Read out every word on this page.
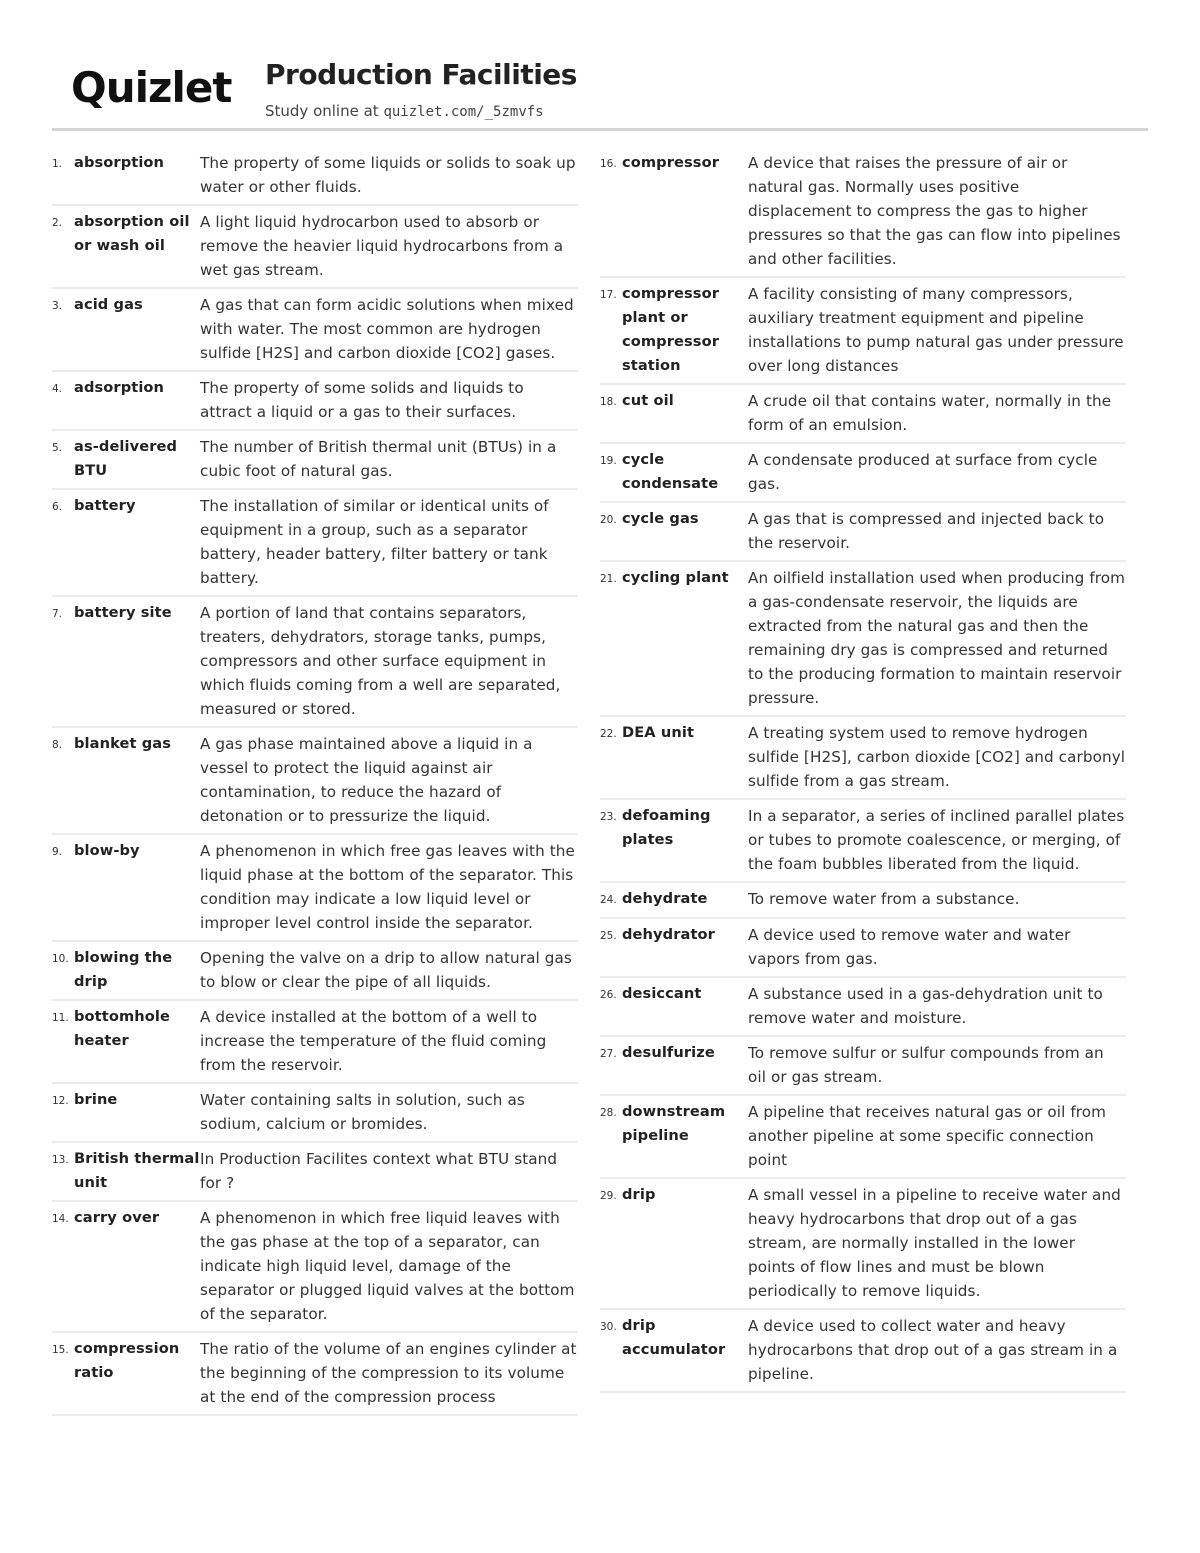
Quizlet Production Facilities
Study online at quizlet.com/_5zmvfs
1. absorption	The property of some liquids or solids to soak up water or other fluids.
2. absorption oil or wash oil
A light liquid hydrocarbon used to absorb or remove the heavier liquid hydrocarbons from a wet gas stream.
3. acid gas	A gas that can form acidic solutions when mixed with water. The most common are hydrogen sulfide [H2S] and carbon dioxide [CO2] gases.
4. adsorption	The property of some solids and liquids to attract a liquid or a gas to their surfaces.
5. as-delivered BTU
The number of British thermal unit (BTUs) in a cubic foot of natural gas.
6. battery	The installation of similar or identical units of equipment in a group, such as a separator battery, header battery, filter battery or tank battery.
7. battery site	A portion of land that contains separators, treaters, dehydrators, storage tanks, pumps, compressors and other surface equipment in which fluids coming from a well are separated, measured or stored.
8. blanket gas	A gas phase maintained above a liquid in a vessel to protect the liquid against air contamination, to reduce the hazard of detonation or to pressurize the liquid.
9. blow-by	A phenomenon in which free gas leaves with the liquid phase at the bottom of the separator. This condition may indicate a low liquid level or improper level control inside the separator.
10. blowing the drip
Opening the valve on a drip to allow natural gas to blow or clear the pipe of all liquids.
11. bottomhole heater
A device installed at the bottom of a well to increase the temperature of the fluid coming from the reservoir.
12. brine	Water containing salts in solution, such as sodium, calcium or bromides.
13. British thermal unit
In Production Facilites context what BTU stand for ?
14. carry over	A phenomenon in which free liquid leaves with the gas phase at the top of a separator, can indicate high liquid level, damage of the separator or plugged liquid valves at the bottom of the separator.
15. compression ratio
The ratio of the volume of an engines cylinder at the beginning of the compression to its volume at the end of the compression process
16. compressor	A device that raises the pressure of air or natural gas. Normally uses positive displacement to compress the gas to higher pressures so that the gas can flow into pipelines and other facilities.
17. compressor plant or compressor station
A facility consisting of many compressors, auxiliary treatment equipment and pipeline installations to pump natural gas under pressure over long distances
18. cut oil	A crude oil that contains water, normally in the form of an emulsion.
19. cycle condensate
A condensate produced at surface from cycle gas.
20. cycle gas	A gas that is compressed and injected back to the reservoir.
21. cycling plant	An oilfield installation used when producing from a gas-condensate reservoir, the liquids are extracted from the natural gas and then the remaining dry gas is compressed and returned to the producing formation to maintain reservoir pressure.
22. DEA unit	A treating system used to remove hydrogen sulfide [H2S], carbon dioxide [CO2] and carbonyl sulfide from a gas stream.
23. defoaming plates
In a separator, a series of inclined parallel plates or tubes to promote coalescence, or merging, of the foam bubbles liberated from the liquid.
24. dehydrate	To remove water from a substance.
25. dehydrator	A device used to remove water and water vapors from gas.
26. desiccant	A substance used in a gas-dehydration unit to remove water and moisture.
27. desulfurize	To remove sulfur or sulfur compounds from an oil or gas stream.
28. downstream pipeline
A pipeline that receives natural gas or oil from another pipeline at some specific connection point
29. drip	A small vessel in a pipeline to receive water and heavy hydrocarbons that drop out of a gas stream, are normally installed in the lower points of flow lines and must be blown periodically to remove liquids.
30. drip accumulator
A device used to collect water and heavy hydrocarbons that drop out of a gas stream in a pipeline.
